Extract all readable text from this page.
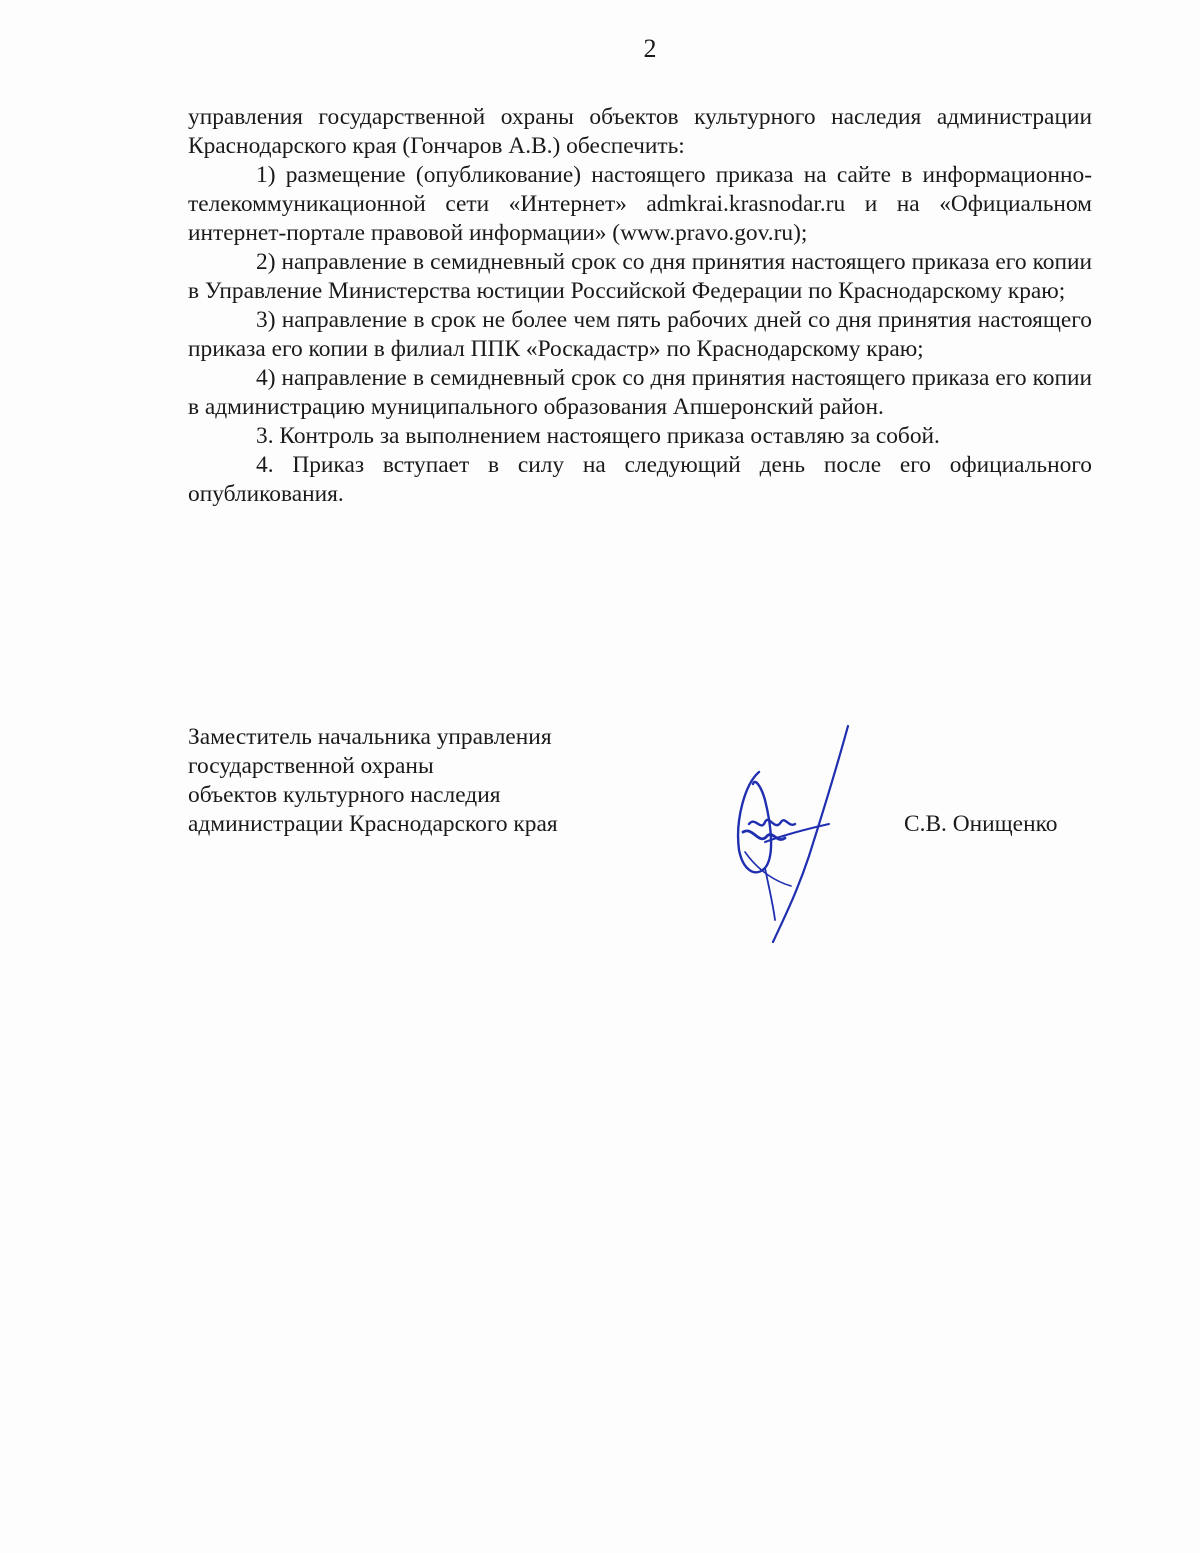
2

управления государственной охраны объектов культурного наследия администрации Краснодарского края (Гончаров А.В.) обеспечить:

1) размещение (опубликование) настоящего приказа на сайте в информационно-телекоммуникационной сети «Интернет» admkrai.krasnodar.ru и на «Официальном интернет-портале правовой информации» (www.pravo.gov.ru);

2) направление в семидневный срок со дня принятия настоящего приказа его копии в Управление Министерства юстиции Российской Федерации по Краснодарскому краю;

3) направление в срок не более чем пять рабочих дней со дня принятия настоящего приказа его копии в филиал ППК «Роскадастр» по Краснодарскому краю;

4) направление в семидневный срок со дня принятия настоящего приказа его копии в администрацию муниципального образования Апшеронский район.

3. Контроль за выполнением настоящего приказа оставляю за собой.

4. Приказ вступает в силу на следующий день после его официального опубликования.

Заместитель начальника управления
государственной охраны
объектов культурного наследия
администрации Краснодарского края	С.В. Онищенко
